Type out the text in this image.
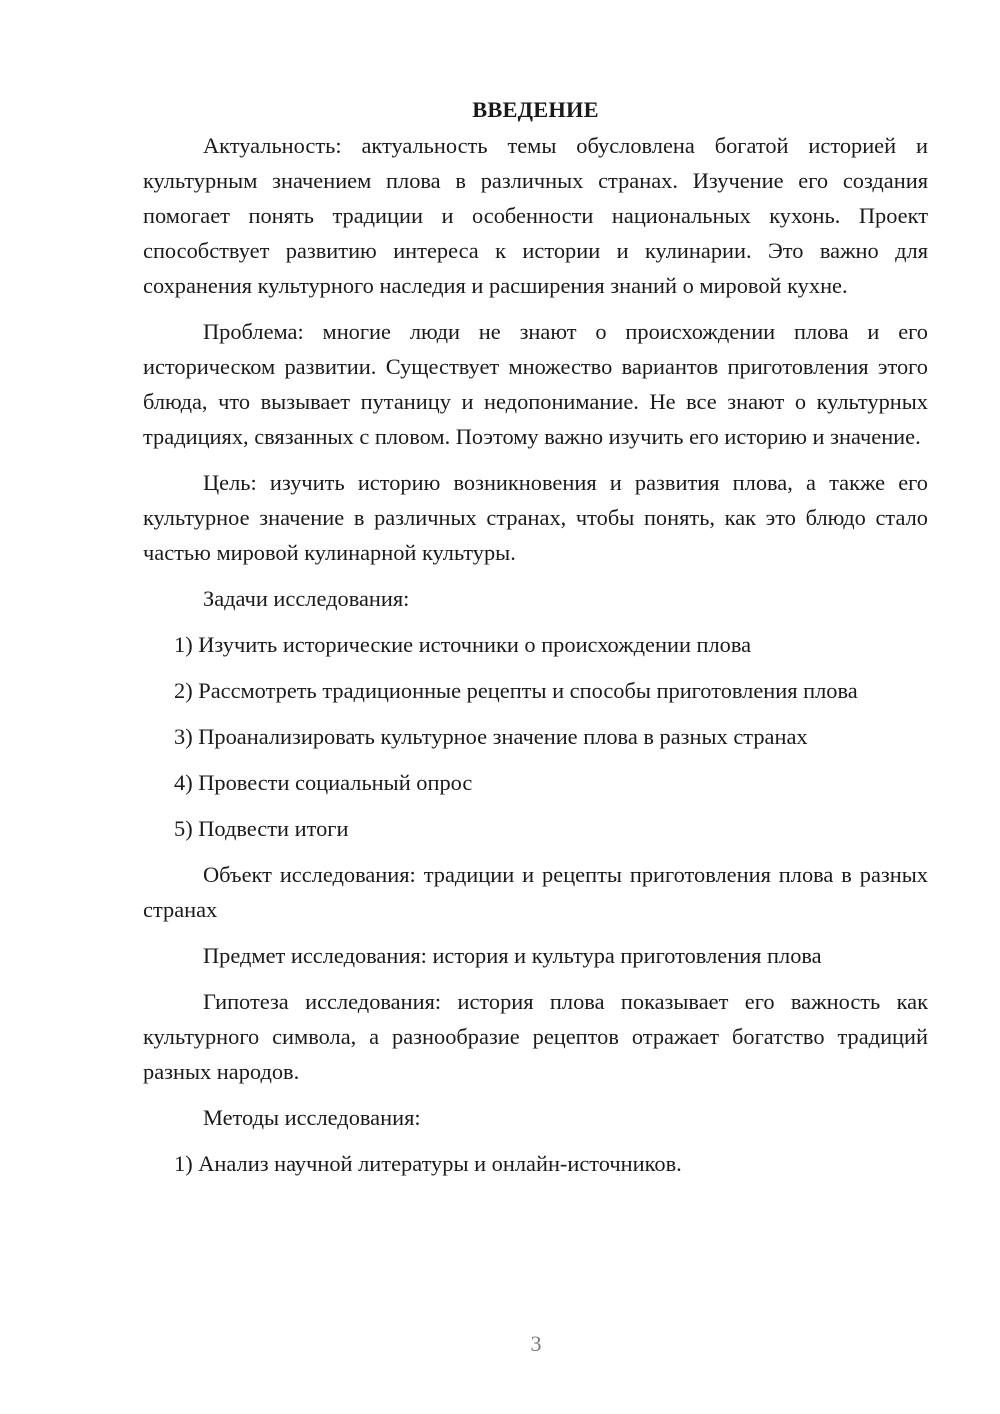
ВВЕДЕНИЕ

Актуальность: актуальность темы обусловлена богатой историей и культурным значением плова в различных странах. Изучение его создания помогает понять традиции и особенности национальных кухонь. Проект способствует развитию интереса к истории и кулинарии. Это важно для сохранения культурного наследия и расширения знаний о мировой кухне.

Проблема: многие люди не знают о происхождении плова и его историческом развитии. Существует множество вариантов приготовления этого блюда, что вызывает путаницу и недопонимание. Не все знают о культурных традициях, связанных с пловом. Поэтому важно изучить его историю и значение.

Цель: изучить историю возникновения и развития плова, а также его культурное значение в различных странах, чтобы понять, как это блюдо стало частью мировой кулинарной культуры.

Задачи исследования:

1) Изучить исторические источники о происхождении плова

2) Рассмотреть традиционные рецепты и способы приготовления плова

3) Проанализировать культурное значение плова в разных странах

4) Провести социальный опрос

5) Подвести итоги

Объект исследования: традиции и рецепты приготовления плова в разных странах

Предмет исследования: история и культура приготовления плова

Гипотеза исследования: история плова показывает его важность как культурного символа, а разнообразие рецептов отражает богатство традиций разных народов.

Методы исследования:

1) Анализ научной литературы и онлайн-источников.

3
